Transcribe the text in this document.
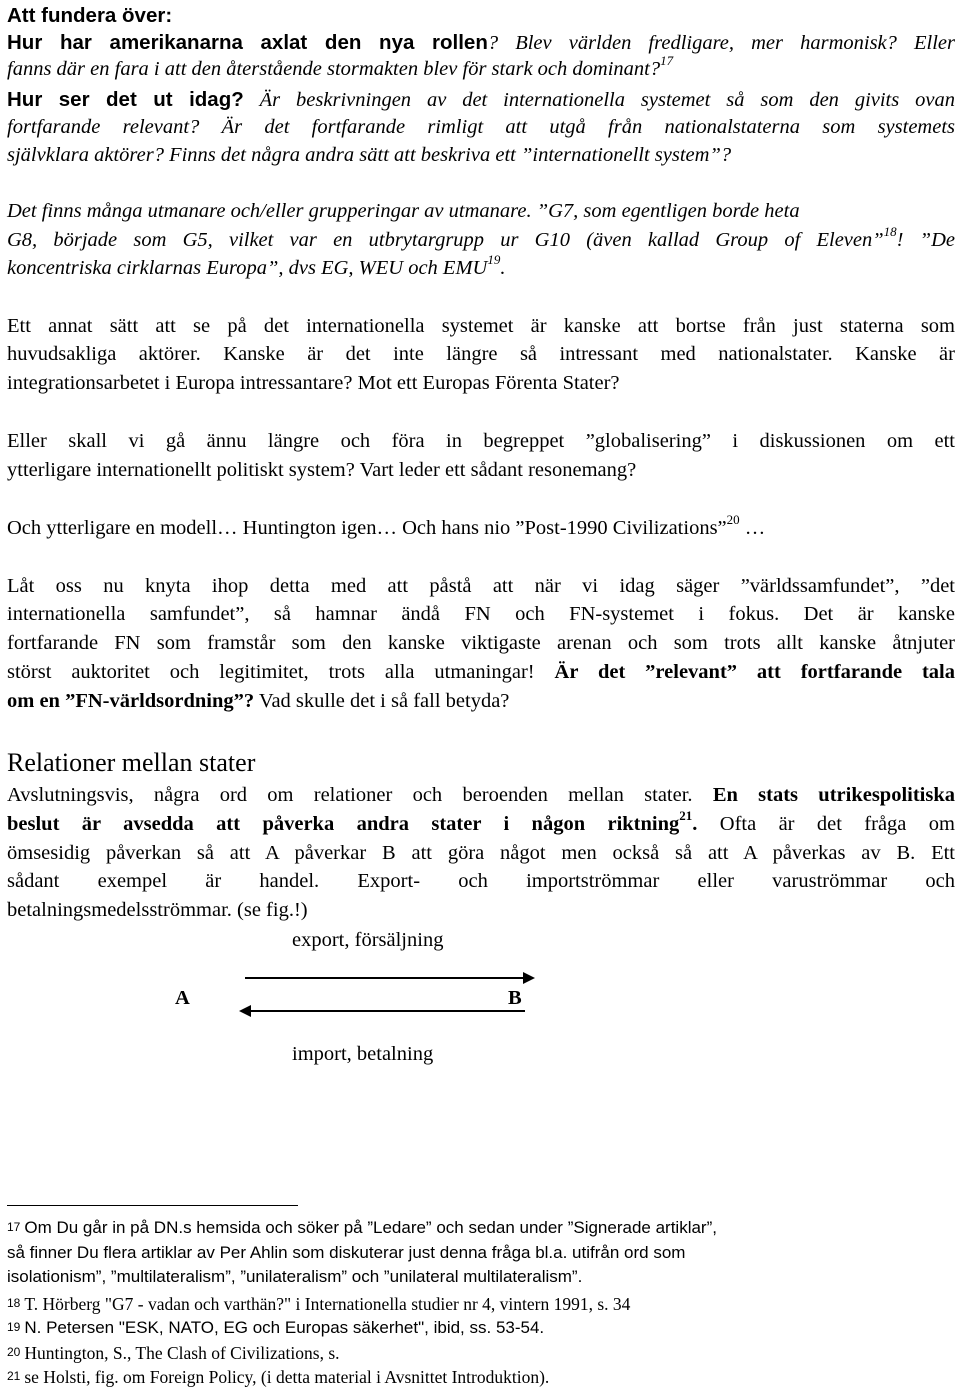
Att fundera över:
Hur har amerikanarna axlat den nya rollen? Blev världen fredligare, mer harmonisk? Eller
fanns där en fara i att den återstående stormakten blev för stark och dominant?$^{17}$
Hur ser det ut idag? Är beskrivningen av det internationella systemet så som den givits ovan
fortfarande relevant? Är det fortfarande rimligt att utgå från nationalstaterna som systemets
självklara aktörer? Finns det några andra sätt att beskriva ett ”internationellt system”?
Det finns många utmanare och/eller grupperingar av utmanare. ”G7, som egentligen borde heta
G8, började som G5, vilket var en utbrytargrupp ur G10 (även kallad Group of Eleven”$^{18}$! ”De
koncentriska cirklarnas Europa”, dvs EG, WEU och EMU$^{19}$.
Ett annat sätt att se på det internationella systemet är kanske att bortse från just staterna som
huvudsakliga aktörer. Kanske är det inte längre så intressant med nationalstater. Kanske är
integrationsarbetet i Europa intressantare? Mot ett Europas Förenta Stater?
Eller skall vi gå ännu längre och föra in begreppet ”globalisering” i diskussionen om ett
ytterligare internationellt politiskt system? Vart leder ett sådant resonemang?
Och ytterligare en modell… Huntington igen… Och hans nio ”Post-1990 Civilizations”$^{20}$ …
Låt oss nu knyta ihop detta med att påstå att när vi idag säger ”världssamfundet”, ”det
internationella samfundet”, så hamnar ändå FN och FN-systemet i fokus. Det är kanske
fortfarande FN som framstår som den kanske viktigaste arenan och som trots allt kanske åtnjuter
störst auktoritet och legitimitet, trots alla utmaningar! Är det ”relevant” att fortfarande tala
om en ”FN-världsordning”? Vad skulle det i så fall betyda?
Relationer mellan stater
Avslutningsvis, några ord om relationer och beroenden mellan stater. En stats utrikespolitiska
beslut är avsedda att påverka andra stater i någon riktning$^{21}$. Ofta är det fråga om
ömsesidig påverkan så att A påverkar B att göra något men också så att A påverkas av B. Ett
sådant exempel är handel. Export- och importströmmar eller varuströmmar och
betalningsmedelsströmmar. (se fig.!)
export, försäljning
A	B
import, betalning
$^{17}$ Om Du går in på DN.s hemsida och söker på ”Ledare” och sedan under ”Signerade artiklar”,
så finner Du flera artiklar av Per Ahlin som diskuterar just denna fråga bl.a. utifrån ord som
isolationism”, ”multilateralism”, ”unilateralism” och ”unilateral multilateralism”.
$^{18}$ T. Hörberg "G7 - vadan och varthän?" i Internationella studier nr 4, vintern 1991, s. 34
$^{19}$ N. Petersen "ESK, NATO, EG och Europas säkerhet", ibid, ss. 53-54.
$^{20}$ Huntington, S., The Clash of Civilizations, s.
$^{21}$ se Holsti, fig. om Foreign Policy, (i detta material i Avsnittet Introduktion).
